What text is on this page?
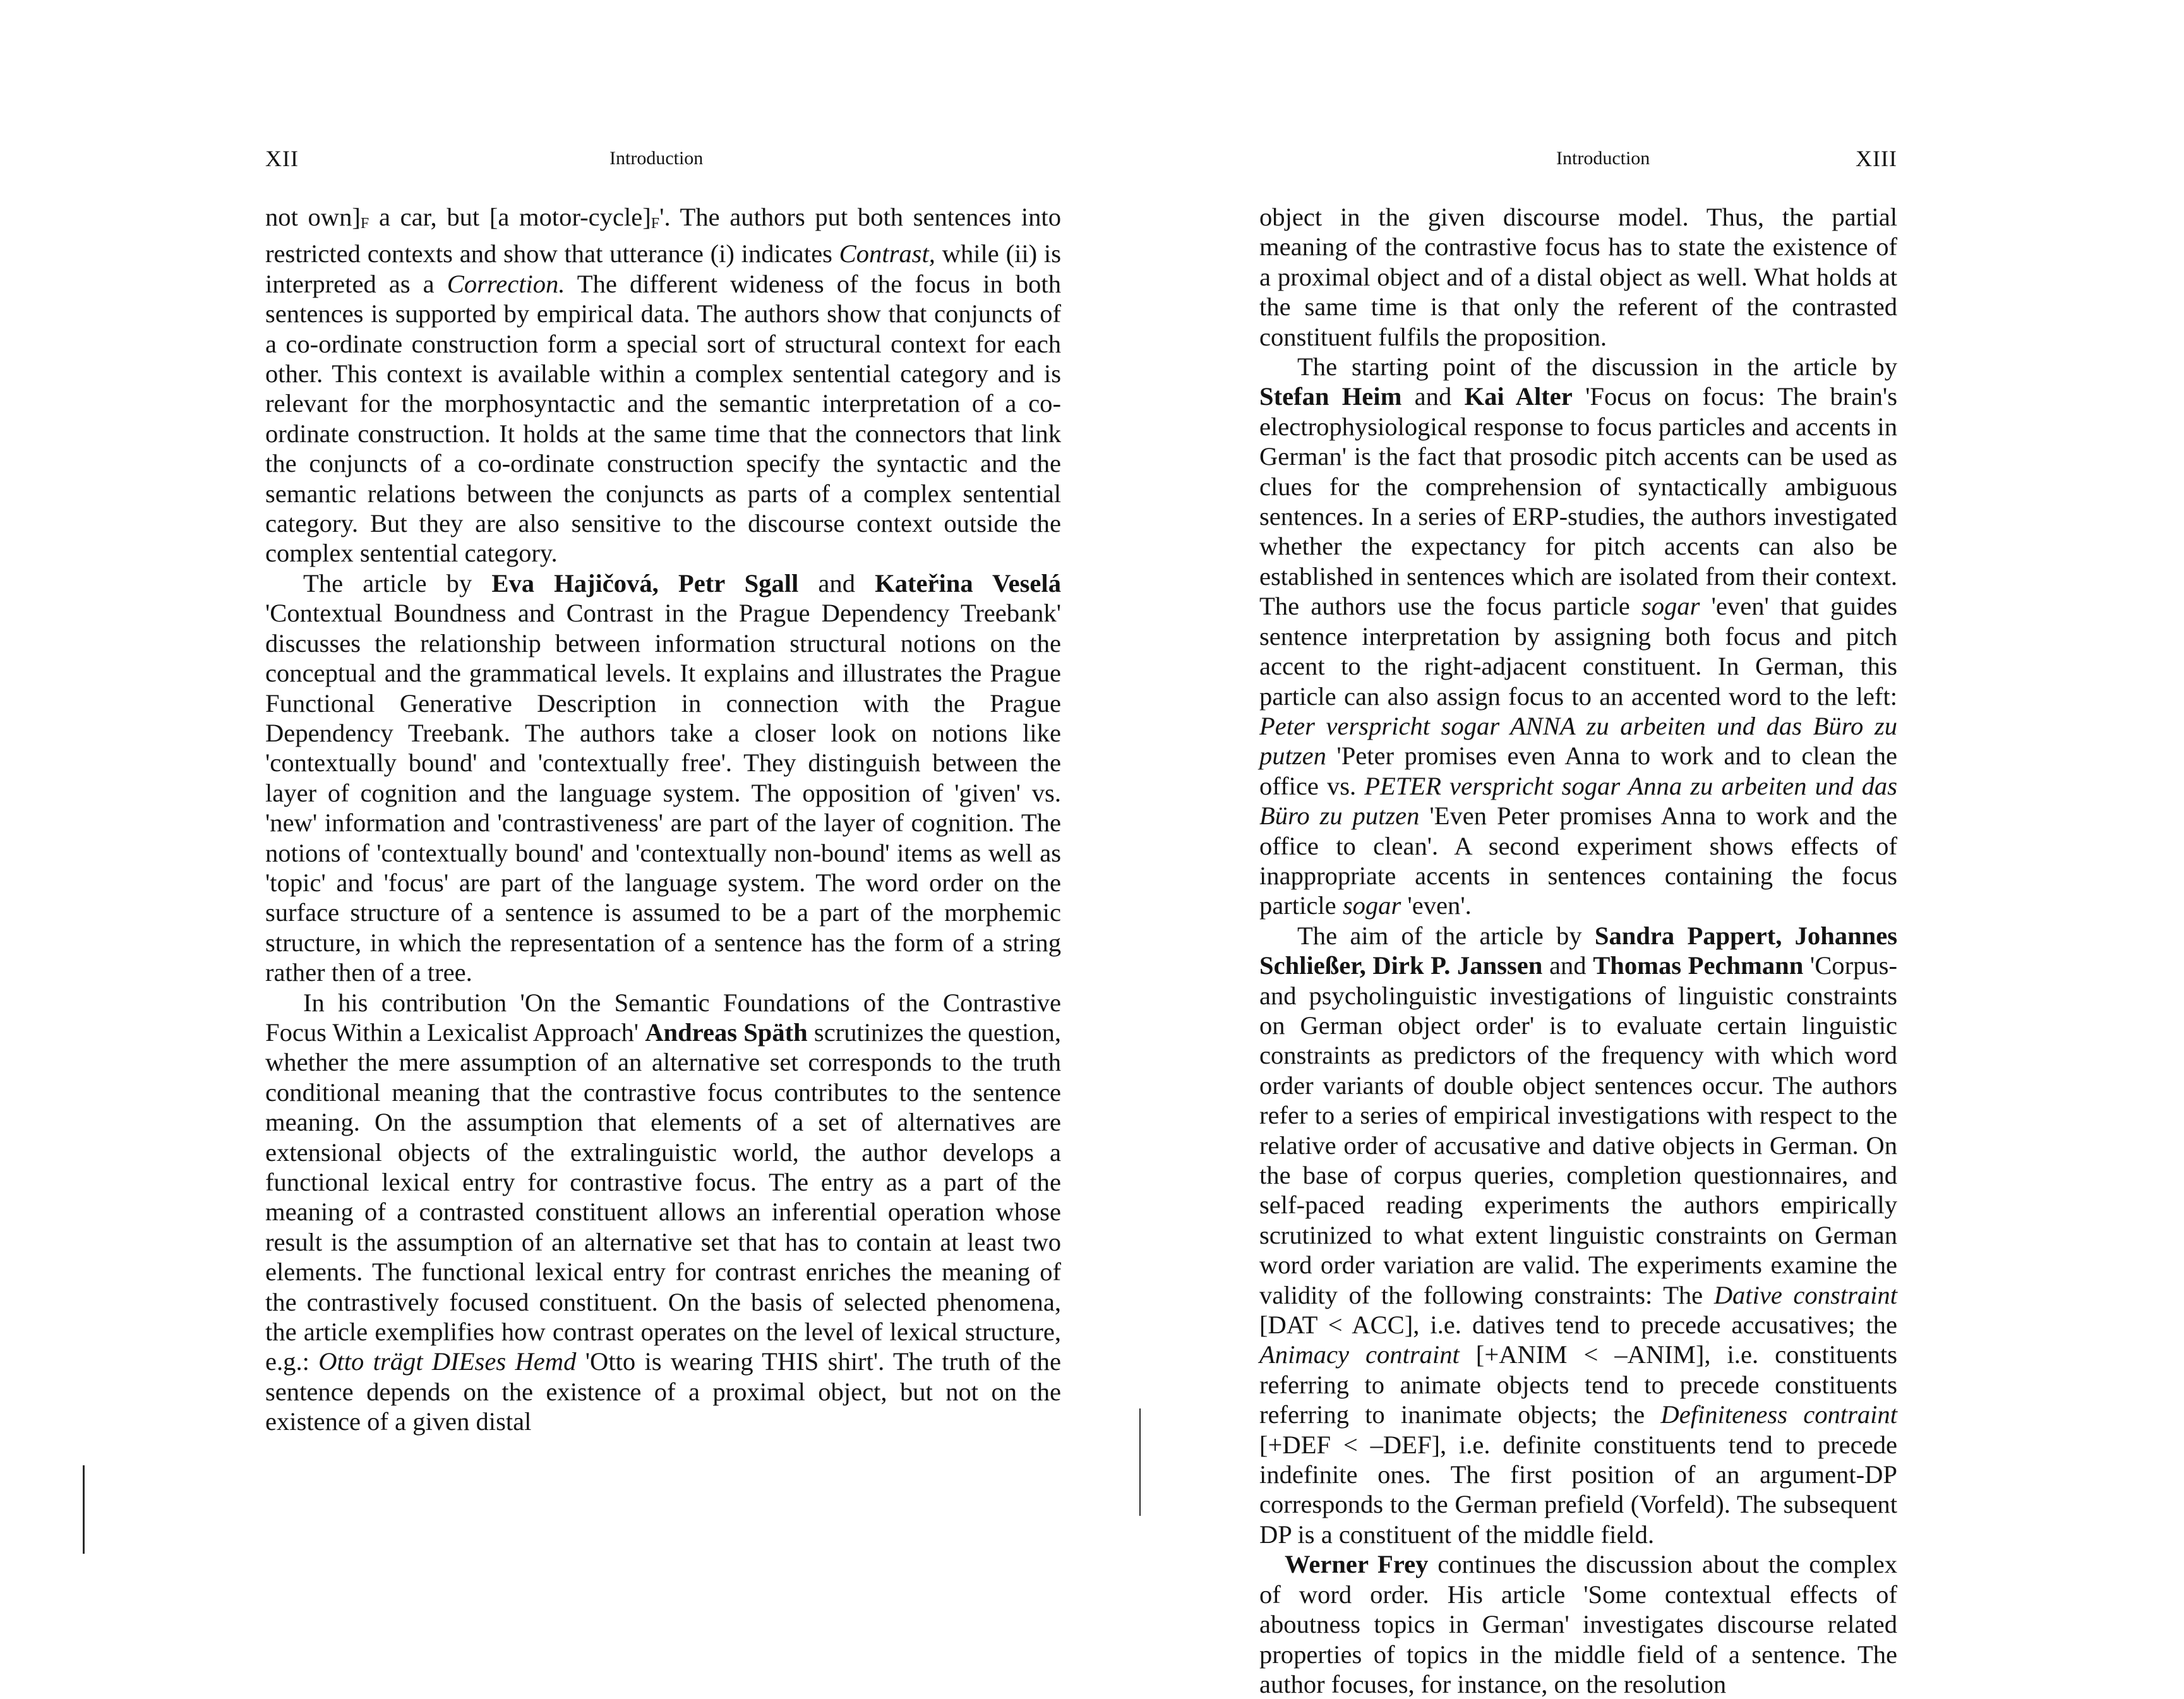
XII	Introduction

not $own]_F$ a car, but [a motor-$cycle]_F'$. The authors put both sentences into restricted contexts and show that utterance (i) indicates Contrast, while (ii) is interpreted as a Correction. The different wideness of the focus in both sentences is supported by empirical data. The authors show that conjuncts of a co-ordinate construction form a special sort of structural context for each other. This context is available within a complex sentential category and is relevant for the morphosyntactic and the semantic interpretation of a co-ordinate construction. It holds at the same time that the connectors that link the conjuncts of a co-ordinate construction specify the syntactic and the semantic relations between the conjuncts as parts of a complex sentential category. But they are also sensitive to the discourse context outside the complex sentential category.

The article by Eva Hajičová, Petr Sgall and Kateřina Veselá 'Contextual Boundness and Contrast in the Prague Dependency Treebank' discusses the relationship between information structural notions on the conceptual and the grammatical levels. It explains and illustrates the Prague Functional Generative Description in connection with the Prague Dependency Treebank. The authors take a closer look on notions like 'contextually bound' and 'contextually free'. They distinguish between the layer of cognition and the language system. The opposition of 'given' vs. 'new' information and 'contrastiveness' are part of the layer of cognition. The notions of 'contextually bound' and 'contextually non-bound' items as well as 'topic' and 'focus' are part of the language system. The word order on the surface structure of a sentence is assumed to be a part of the morphemic structure, in which the representation of a sentence has the form of a string rather then of a tree.

In his contribution 'On the Semantic Foundations of the Contrastive Focus Within a Lexicalist Approach' Andreas Späth scrutinizes the question, whether the mere assumption of an alternative set corresponds to the truth conditional meaning that the contrastive focus contributes to the sentence meaning. On the assumption that elements of a set of alternatives are extensional objects of the extralinguistic world, the author develops a functional lexical entry for contrastive focus. The entry as a part of the meaning of a contrasted constituent allows an inferential operation whose result is the assumption of an alternative set that has to contain at least two elements. The functional lexical entry for contrast enriches the meaning of the contrastively focused constituent. On the basis of selected phenomena, the article exemplifies how contrast operates on the level of lexical structure, e.g.: Otto trägt DIEses Hemd 'Otto is wearing THIS shirt'. The truth of the sentence depends on the existence of a proximal object, but not on the existence of a given distal

Introduction	XIII

object in the given discourse model. Thus, the partial meaning of the contrastive focus has to state the existence of a proximal object and of a distal object as well. What holds at the same time is that only the referent of the contrasted constituent fulfils the proposition.

The starting point of the discussion in the article by Stefan Heim and Kai Alter 'Focus on focus: The brain's electrophysiological response to focus particles and accents in German' is the fact that prosodic pitch accents can be used as clues for the comprehension of syntactically ambiguous sentences. In a series of ERP-studies, the authors investigated whether the expectancy for pitch accents can also be established in sentences which are isolated from their context. The authors use the focus particle sogar 'even' that guides sentence interpretation by assigning both focus and pitch accent to the right-adjacent constituent. In German, this particle can also assign focus to an accented word to the left: Peter verspricht sogar ANNA zu arbeiten und das Büro zu putzen 'Peter promises even Anna to work and to clean the office vs. PETER verspricht sogar Anna zu arbeiten und das Büro zu putzen 'Even Peter promises Anna to work and the office to clean'. A second experiment shows effects of inappropriate accents in sentences containing the focus particle sogar 'even'.

The aim of the article by Sandra Pappert, Johannes Schließer, Dirk P. Janssen and Thomas Pechmann 'Corpus- and psycholinguistic investigations of linguistic constraints on German object order' is to evaluate certain linguistic constraints as predictors of the frequency with which word order variants of double object sentences occur. The authors refer to a series of empirical investigations with respect to the relative order of accusative and dative objects in German. On the base of corpus queries, completion questionnaires, and self-paced reading experiments the authors empirically scrutinized to what extent linguistic constraints on German word order variation are valid. The experiments examine the validity of the following constraints: The Dative constraint [DAT < ACC], i.e. datives tend to precede accusatives; the Animacy contraint [+ANIM < –ANIM], i.e. constituents referring to animate objects tend to precede constituents referring to inanimate objects; the Definiteness contraint [+DEF < –DEF], i.e. definite constituents tend to precede indefinite ones. The first position of an argument-DP corresponds to the German prefield (Vorfeld). The subsequent DP is a constituent of the middle field.

Werner Frey continues the discussion about the complex of word order. His article 'Some contextual effects of aboutness topics in German' investigates discourse related properties of topics in the middle field of a sentence. The author focuses, for instance, on the resolution
